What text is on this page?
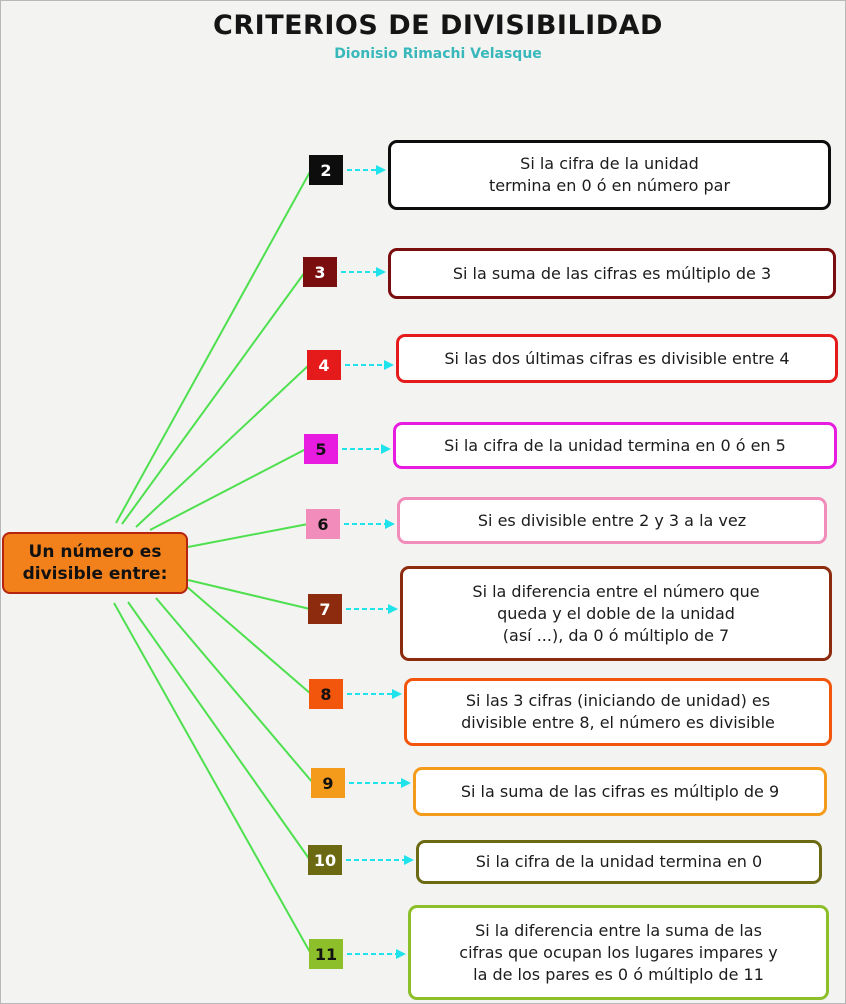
CRITERIOS DE DIVISIBILIDAD
Dionisio Rimachi Velasque
Un número es
divisible entre:
2	Si la cifra de la unidad
termina en 0 ó en número par
3	Si la suma de las cifras es múltiplo de 3
4	Si las dos últimas cifras es divisible entre 4
5	Si la cifra de la unidad termina en 0 ó en 5
6	Si es divisible entre 2 y 3 a la vez
7
Si la diferencia entre el número que
queda y el doble de la unidad
(así ...), da 0 ó múltiplo de 7
8	Si las 3 cifras (iniciando de unidad) es
divisible entre 8, el número es divisible
9	Si la suma de las cifras es múltiplo de 9
10	Si la cifra de la unidad termina en 0
11
Si la diferencia entre la suma de las
cifras que ocupan los lugares impares y
la de los pares es 0 ó múltiplo de 11
